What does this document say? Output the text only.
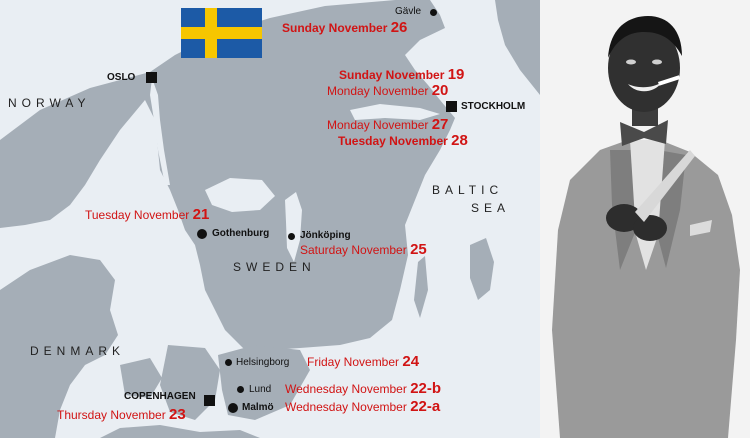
NORWAY
SWEDEN
DENMARK
BALTIC
SEA
Gävle
OSLO
STOCKHOLM
Gothenburg	Jönköping
Helsingborg
COPENHAGEN
Lund
Malmö
Sunday November 26
Sunday November 19
Monday November 20
Monday November 27
Tuesday November 28
Tuesday November 21
Saturday November 25
Friday November 24
Wednesday November 22-b
Wednesday November 22-a
Thursday November 23
